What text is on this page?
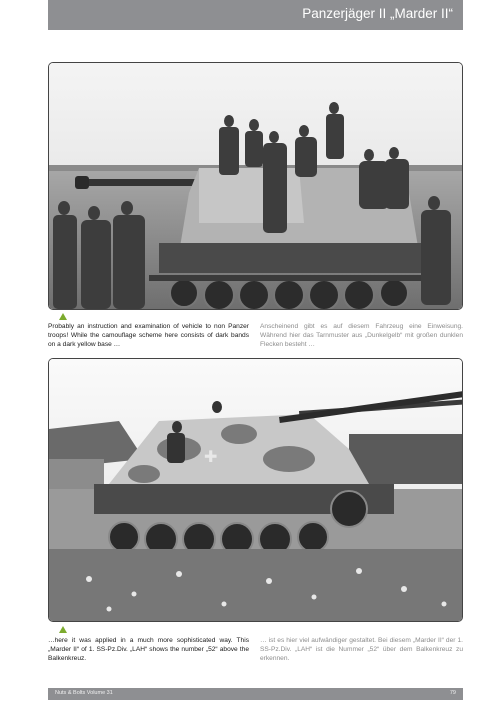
Panzerjäger II „Marder II“
Probably an instruction and examination of vehicle to non Panzer troops! While the camouflage scheme here consists of dark bands on a dark yellow base …
Anscheinend gibt es auf diesem Fahrzeug eine Einweisung. Während hier das Tarnmuster aus „Dunkelgelb“ mit großen dunklen Flecken besteht …
✚
…here it was applied in a much more sophisticated way. This „Marder II“ of 1. SS-Pz.Div. „LAH“ shows the number „52“ above the Balkenkreuz.
… ist es hier viel aufwändiger gestaltet. Bei diesem „Marder II“ der 1. SS-Pz.Div. „LAH“ ist die Nummer „52“ über dem Balkenkreuz zu erkennen.
Nuts & Bolts Volume 31	79
